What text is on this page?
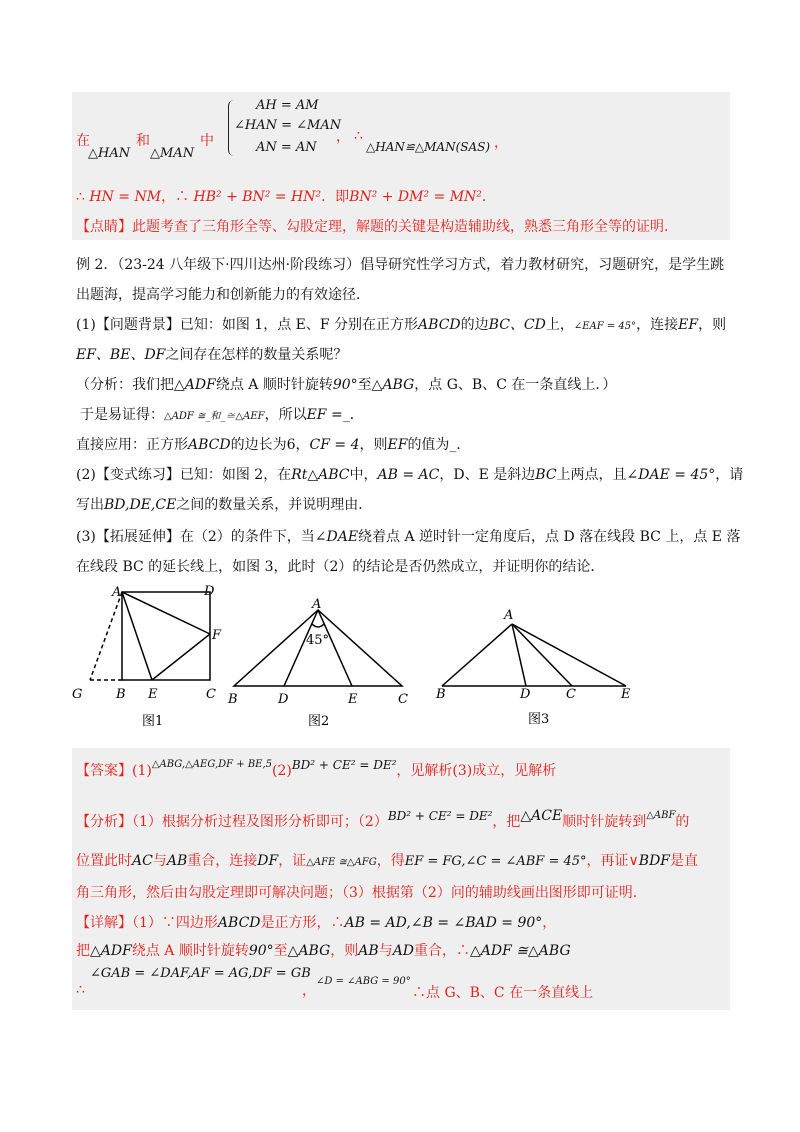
在
△HAN
和
△MAN
中
AH = AM
∠HAN = ∠MAN
AN = AN
， ∴
△HAN≌△MAN(SAS) ，
∴ HN = NM，∴ HB² + BN² = HN²．即BN² + DM² = MN²．
【点睛】此题考查了三角形全等、勾股定理，解题的关键是构造辅助线，熟悉三角形全等的证明．
例 2．（23-24 八年级下·四川达州·阶段练习）倡导研究性学习方式，着力教材研究，习题研究，是学生跳
出题海，提高学习能力和创新能力的有效途径．
(1)【问题背景】已知：如图 1，点 E、F 分别在正方形ABCD的边BC、CD上，∠EAF = 45°，连接EF，则
EF、BE、DF之间存在怎样的数量关系呢？
（分析：我们把△ADF绕点 A 顺时针旋转90°至△ABG，点 G、B、C 在一条直线上．）
于是易证得：△ADF ≅_和_≅△AEF，所以EF =_．
直接应用：正方形ABCD的边长为6，CF = 4，则EF的值为_．
(2)【变式练习】已知：如图 2，在Rt△ABC中，AB = AC，D、E 是斜边BC上两点，且∠DAE = 45°，请
写出BD,DE,CE之间的数量关系，并说明理由．
(3)【拓展延伸】在（2）的条件下，当∠DAE绕着点 A 逆时针一定角度后，点 D 落在线段 BC 上，点 E 落
在线段 BC 的延长线上，如图 3，此时（2）的结论是否仍然成立，并证明你的结论．
A	D
F
G	B E	C
图1
A
45°
B	D	E	C
图2
A
B	D	C	E
图3
【答案】$(1)^{\triangle ABG,\triangle AEG,DF + BE,5}(2)BD^2 + CE^2 = DE^2$，见解析(3)成立，见解析
【分析】（1）根据分析过程及图形分析即可；（2）BD² + CE² = DE²，把△ACE顺时针旋转到$^{\triangle ABF}$的
位置此时AC与AB重合，连接DF，证△AFE ≅△AFG，得EF = FG,∠C = ∠ABF = 45°，再证∨BDF是直
角三角形，然后由勾股定理即可解决问题；（3）根据第（2）问的辅助线画出图形即可证明.
【详解】（1）∵四边形ABCD是正方形，∴AB = AD,∠B = ∠BAD = 90°，
把△ADF绕点 A 顺时针旋转90°至△ABG，则AB与AD重合，∴△ADF ≅△ABG
∴
∠GAB = ∠DAF,AF = AG,DF = GB
，
∠D = ∠ABG = 90°
∴点 G、B、C 在一条直线上
